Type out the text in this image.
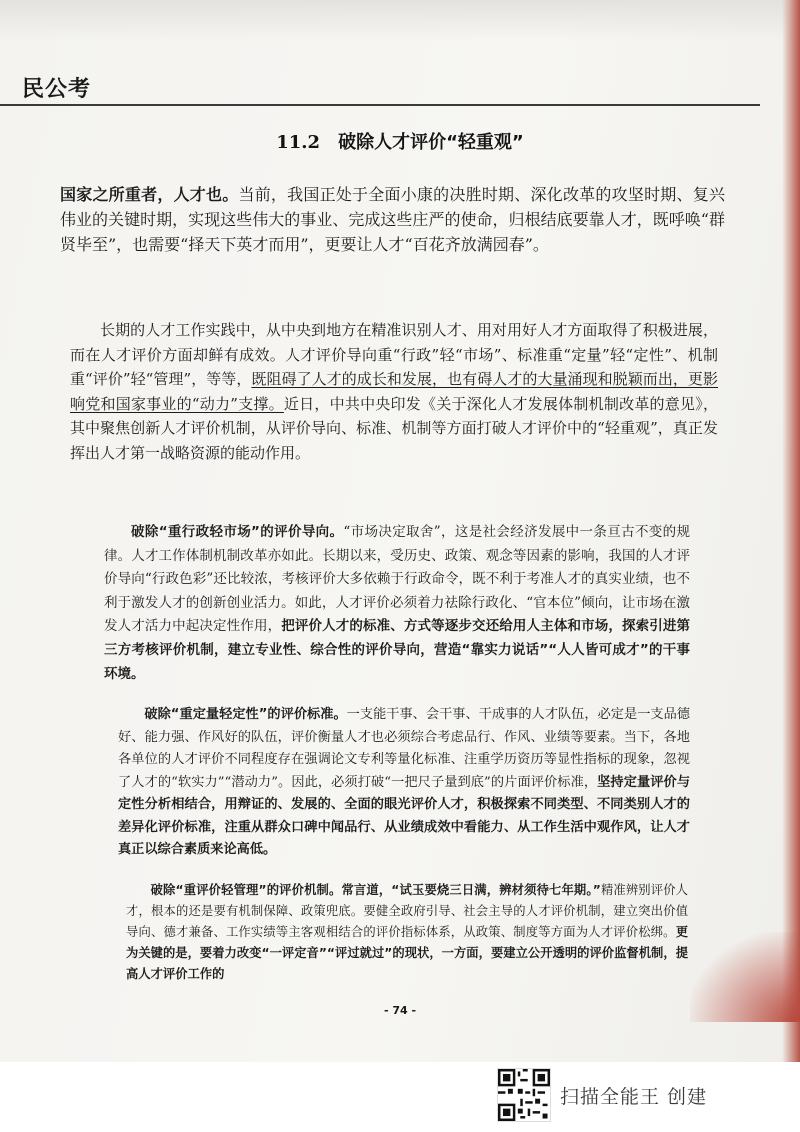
民公考
11.2 破除人才评价“轻重观”

国家之所重者，人才也。当前，我国正处于全面小康的决胜时期、深化改革的攻坚时期、复兴伟业的关键时期，实现这些伟大的事业、完成这些庄严的使命，归根结底要靠人才，既呼唤“群贤毕至”，也需要“择天下英才而用”，更要让人才“百花齐放满园春”。

长期的人才工作实践中，从中央到地方在精准识别人才、用对用好人才方面取得了积极进展，而在人才评价方面却鲜有成效。人才评价导向重“行政”轻“市场”、标准重“定量”轻“定性”、机制重“评价”轻“管理”，等等，既阻碍了人才的成长和发展，也有碍人才的大量涌现和脱颖而出，更影响党和国家事业的“动力”支撑。近日，中共中央印发《关于深化人才发展体制机制改革的意见》，其中聚焦创新人才评价机制，从评价导向、标准、机制等方面打破人才评价中的“轻重观”，真正发挥出人才第一战略资源的能动作用。

破除“重行政轻市场”的评价导向。“市场决定取舍”，这是社会经济发展中一条亘古不变的规律。人才工作体制机制改革亦如此。长期以来，受历史、政策、观念等因素的影响，我国的人才评价导向“行政色彩”还比较浓，考核评价大多依赖于行政命令，既不利于考准人才的真实业绩，也不利于激发人才的创新创业活力。如此，人才评价必须着力祛除行政化、“官本位”倾向，让市场在激发人才活力中起决定性作用，把评价人才的标准、方式等逐步交还给用人主体和市场，探索引进第三方考核评价机制，建立专业性、综合性的评价导向，营造“靠实力说话”“人人皆可成才”的干事环境。

破除“重定量轻定性”的评价标准。一支能干事、会干事、干成事的人才队伍，必定是一支品德好、能力强、作风好的队伍，评价衡量人才也必须综合考虑品行、作风、业绩等要素。当下，各地各单位的人才评价不同程度存在强调论文专利等量化标准、注重学历资历等显性指标的现象，忽视了人才的“软实力”“潜动力”。因此，必须打破“一把尺子量到底”的片面评价标准，坚持定量评价与定性分析相结合，用辩证的、发展的、全面的眼光评价人才，积极探索不同类型、不同类别人才的差异化评价标准，注重从群众口碑中闻品行、从业绩成效中看能力、从工作生活中观作风，让人才真正以综合素质来论高低。

破除“重评价轻管理”的评价机制。常言道，“试玉要烧三日满，辨材须待七年期。”精准辨别评价人才，根本的还是要有机制保障、政策兜底。要健全政府引导、社会主导的人才评价机制，建立突出价值导向、德才兼备、工作实绩等主客观相结合的评价指标体系，从政策、制度等方面为人才评价松绑。更为关键的是，要着力改变“一评定音”“评过就过”的现状，一方面，要建立公开透明的评价监督机制，提高人才评价工作的

- 74 -
扫描全能王 创建
